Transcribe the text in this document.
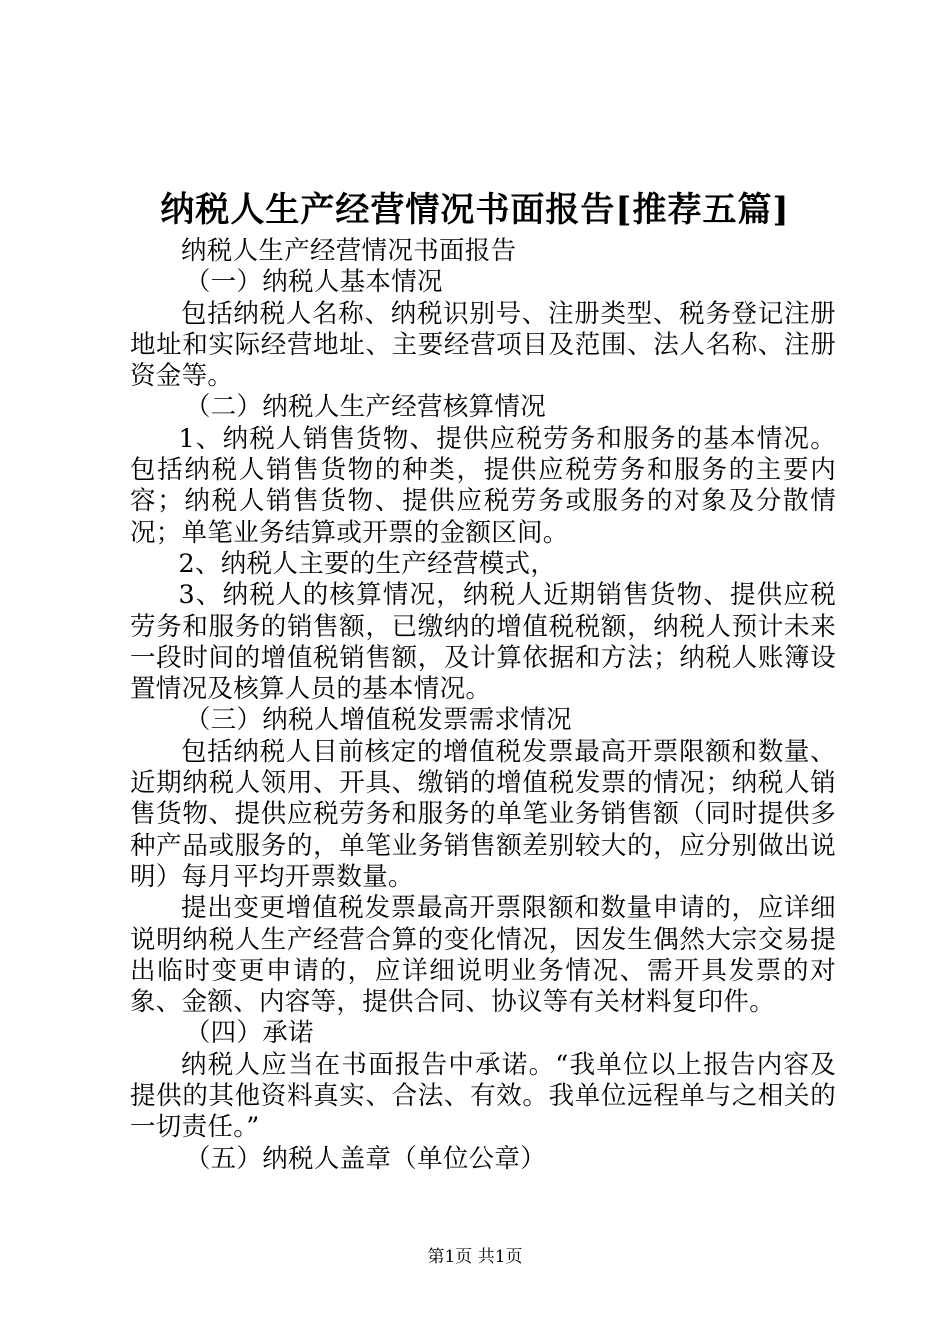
纳税人生产经营情况书面报告[推荐五篇]

纳税人生产经营情况书面报告

（一）纳税人基本情况

包括纳税人名称、纳税识别号、注册类型、税务登记注册地址和实际经营地址、主要经营项目及范围、法人名称、注册资金等。

（二）纳税人生产经营核算情况

1、纳税人销售货物、提供应税劳务和服务的基本情况。包括纳税人销售货物的种类，提供应税劳务和服务的主要内容；纳税人销售货物、提供应税劳务或服务的对象及分散情况；单笔业务结算或开票的金额区间。

2、纳税人主要的生产经营模式，

3、纳税人的核算情况，纳税人近期销售货物、提供应税劳务和服务的销售额，已缴纳的增值税税额，纳税人预计未来一段时间的增值税销售额，及计算依据和方法；纳税人账簿设置情况及核算人员的基本情况。

（三）纳税人增值税发票需求情况

包括纳税人目前核定的增值税发票最高开票限额和数量、近期纳税人领用、开具、缴销的增值税发票的情况；纳税人销售货物、提供应税劳务和服务的单笔业务销售额（同时提供多种产品或服务的，单笔业务销售额差别较大的，应分别做出说明）每月平均开票数量。

提出变更增值税发票最高开票限额和数量申请的，应详细说明纳税人生产经营合算的变化情况，因发生偶然大宗交易提出临时变更申请的，应详细说明业务情况、需开具发票的对象、金额、内容等，提供合同、协议等有关材料复印件。

（四）承诺

纳税人应当在书面报告中承诺。“我单位以上报告内容及提供的其他资料真实、合法、有效。我单位远程单与之相关的一切责任。”

（五）纳税人盖章（单位公章）

第1页 共1页
